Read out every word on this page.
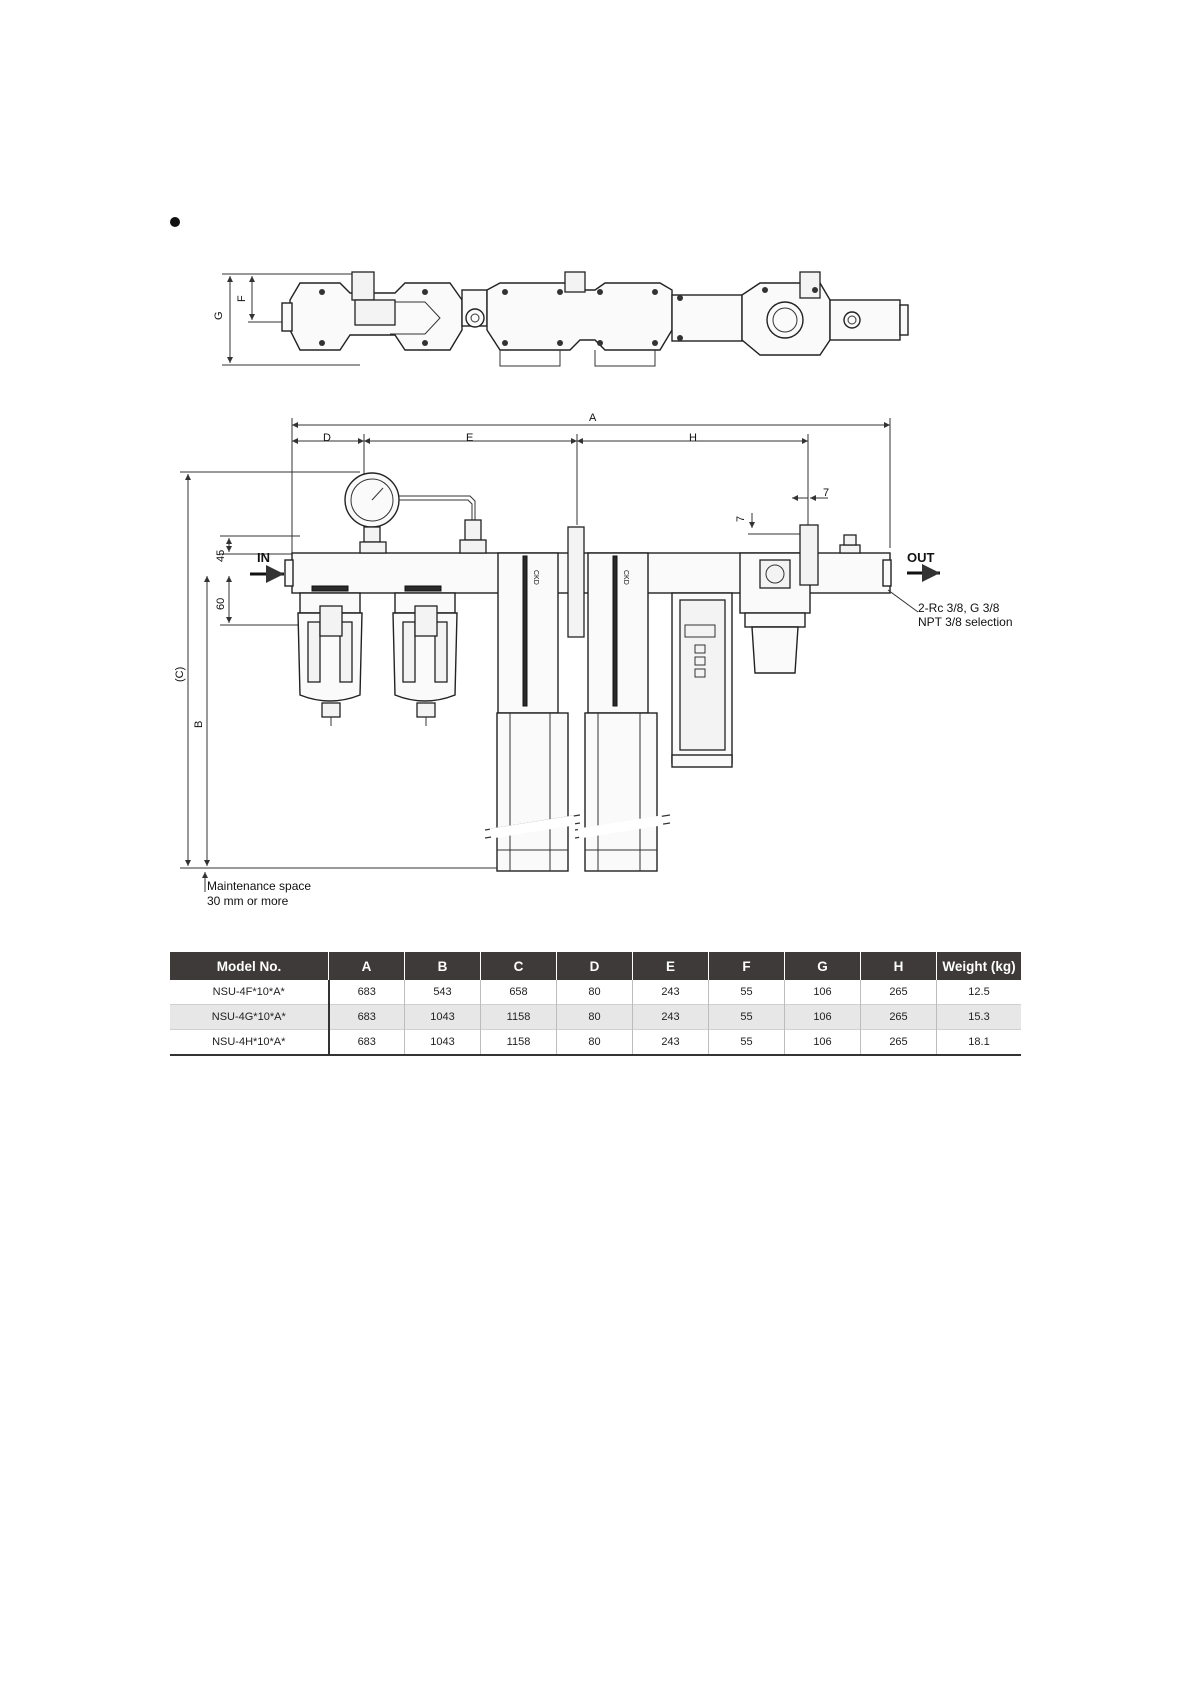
G
F
A
D	E	H
(C)
B
45
60
IN	OUT
7
7
CKD	CKD
2-Rc 3/8, G 3/8
NPT 3/8 selection
Maintenance space
30 mm or more
Model No.	A	B	C	D	E	F	G	H	Weight (kg)
NSU-4F*10*A*	683	543	658	80	243	55	106	265	12.5
NSU-4G*10*A*	683	1043	1158	80	243	55	106	265	15.3
NSU-4H*10*A*	683	1043	1158	80	243	55	106	265	18.1
